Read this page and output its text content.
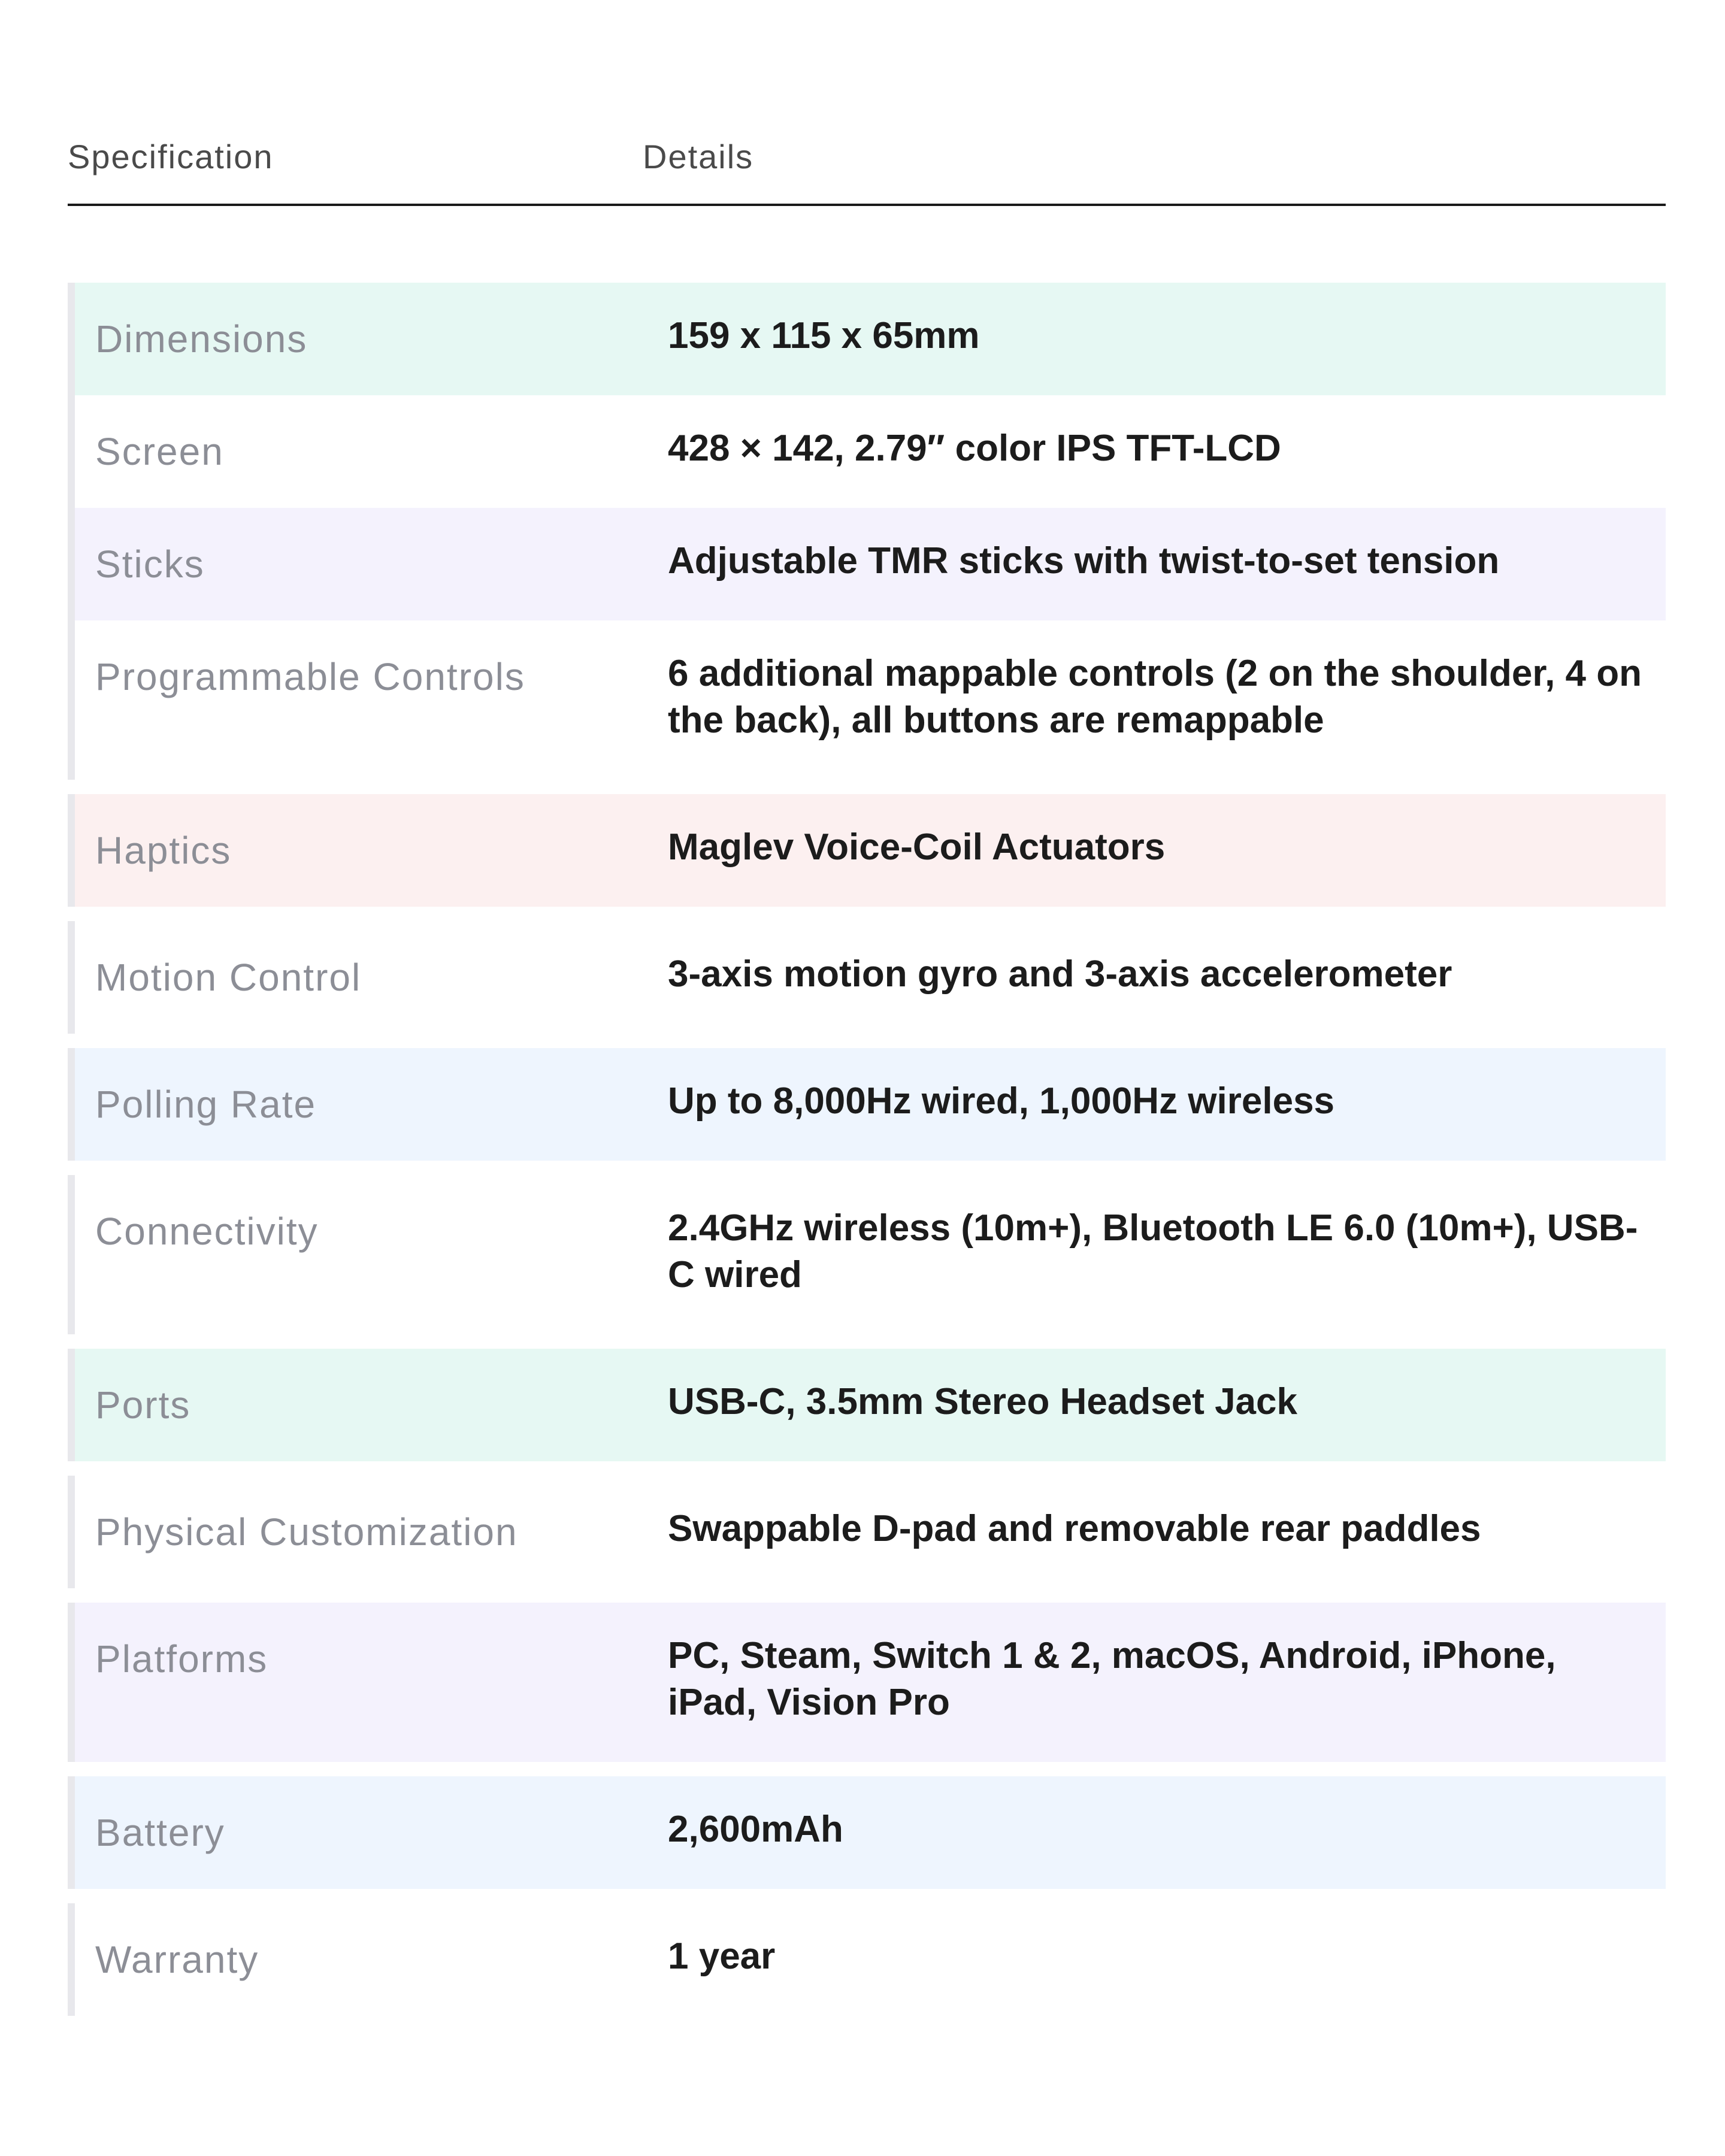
Specification	Details
Dimensions	159 x 115 x 65mm
Screen	428 × 142, 2.79″ color IPS TFT-LCD
Sticks	Adjustable TMR sticks with twist-to-set tension
Programmable Controls	6 additional mappable controls (2 on the shoulder, 4 on the back), all buttons are remappable
Haptics	Maglev Voice-Coil Actuators
Motion Control	3-axis motion gyro and 3-axis accelerometer
Polling Rate	Up to 8,000Hz wired, 1,000Hz wireless
Connectivity	2.4GHz wireless (10m+), Bluetooth LE 6.0 (10m+), USB-C wired
Ports	USB-C, 3.5mm Stereo Headset Jack
Physical Customization	Swappable D-pad and removable rear paddles
Platforms	PC, Steam, Switch 1 & 2, macOS, Android, iPhone, iPad, Vision Pro
Battery	2,600mAh
Warranty	1 year
